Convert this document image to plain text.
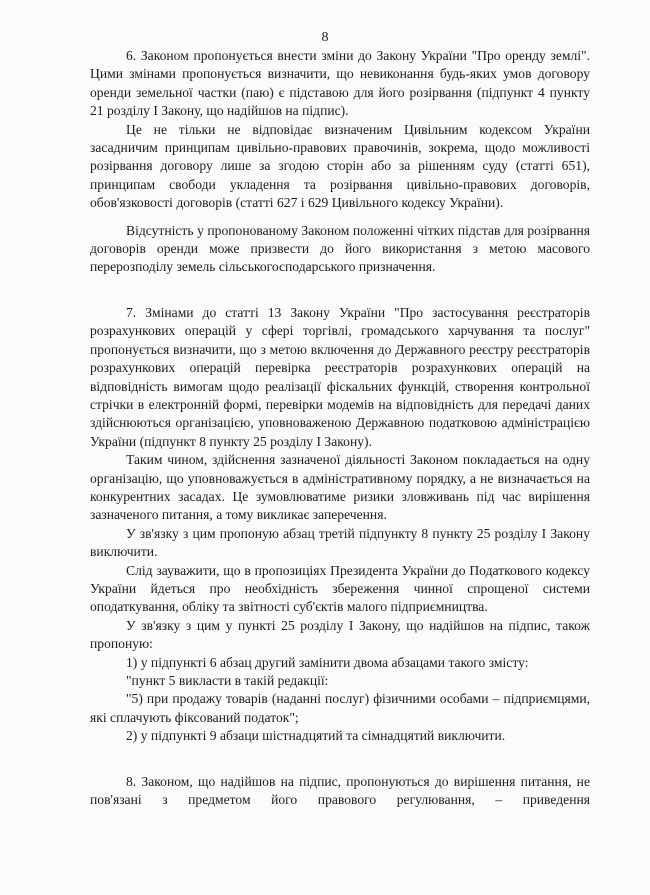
8

6. Законом пропонується внести зміни до Закону України "Про оренду землі". Цими змінами пропонується визначити, що невиконання будь-яких умов договору оренди земельної частки (паю) є підставою для його розірвання (підпункт 4 пункту 21 розділу І Закону, що надійшов на підпис).

Це не тільки не відповідає визначеним Цивільним кодексом України засадничим принципам цивільно-правових правочинів, зокрема, щодо можливості розірвання договору лише за згодою сторін або за рішенням суду (статті 651), принципам свободи укладення та розірвання цивільно-правових договорів, обов'язковості договорів (статті 627 і 629 Цивільного кодексу України).

Відсутність у пропонованому Законом положенні чітких підстав для розірвання договорів оренди може призвести до його використання з метою масового перерозподілу земель сільськогосподарського призначення.

7. Змінами до статті 13 Закону України "Про застосування реєстраторів розрахункових операцій у сфері торгівлі, громадського харчування та послуг" пропонується визначити, що з метою включення до Державного реєстру реєстраторів розрахункових операцій перевірка реєстраторів розрахункових операцій на відповідність вимогам щодо реалізації фіскальних функцій, створення контрольної стрічки в електронній формі, перевірки модемів на відповідність для передачі даних здійснюються організацією, уповноваженою Державною податковою адміністрацією України (підпункт 8 пункту 25 розділу І Закону).

Таким чином, здійснення зазначеної діяльності Законом покладається на одну організацію, що уповноважується в адміністративному порядку, а не визначається на конкурентних засадах. Це зумовлюватиме ризики зловживань під час вирішення зазначеного питання, а тому викликає заперечення.

У зв'язку з цим пропоную абзац третій підпункту 8 пункту 25 розділу І Закону виключити.

Слід зауважити, що в пропозиціях Президента України до Податкового кодексу України йдеться про необхідність збереження чинної спрощеної системи оподаткування, обліку та звітності суб'єктів малого підприємництва.

У зв'язку з цим у пункті 25 розділу І Закону, що надійшов на підпис, також пропоную:

1) у підпункті 6 абзац другий замінити двома абзацами такого змісту:

"пункт 5 викласти в такій редакції:

"5) при продажу товарів (наданні послуг) фізичними особами – підприємцями, які сплачують фіксований податок";

2) у підпункті 9 абзаци шістнадцятий та сімнадцятий виключити.

8. Законом, що надійшов на підпис, пропонуються до вирішення питання, не пов'язані з предметом його правового регулювання, – приведення
